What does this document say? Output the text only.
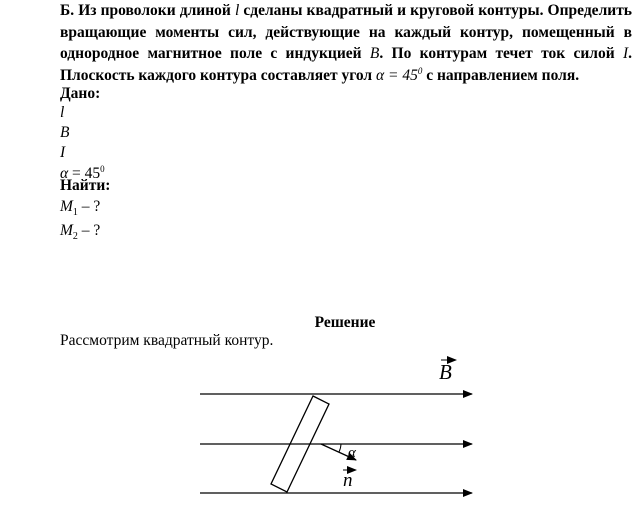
Б. Из проволоки длиной l сделаны квадратный и круговой контуры. Определить вращающие моменты сил, действующие на каждый контур, помещенный в однородное магнитное поле с индукцией B. По контурам течет ток силой I. Плоскость каждого контура составляет угол $\alpha = 45^0$ с направлением поля.
Дано:
l
B
I
$\alpha = 45^0$
Найти:
$M_1$ – ?
$M_2$ – ?
Решение
Рассмотрим квадратный контур.
α
B
n
